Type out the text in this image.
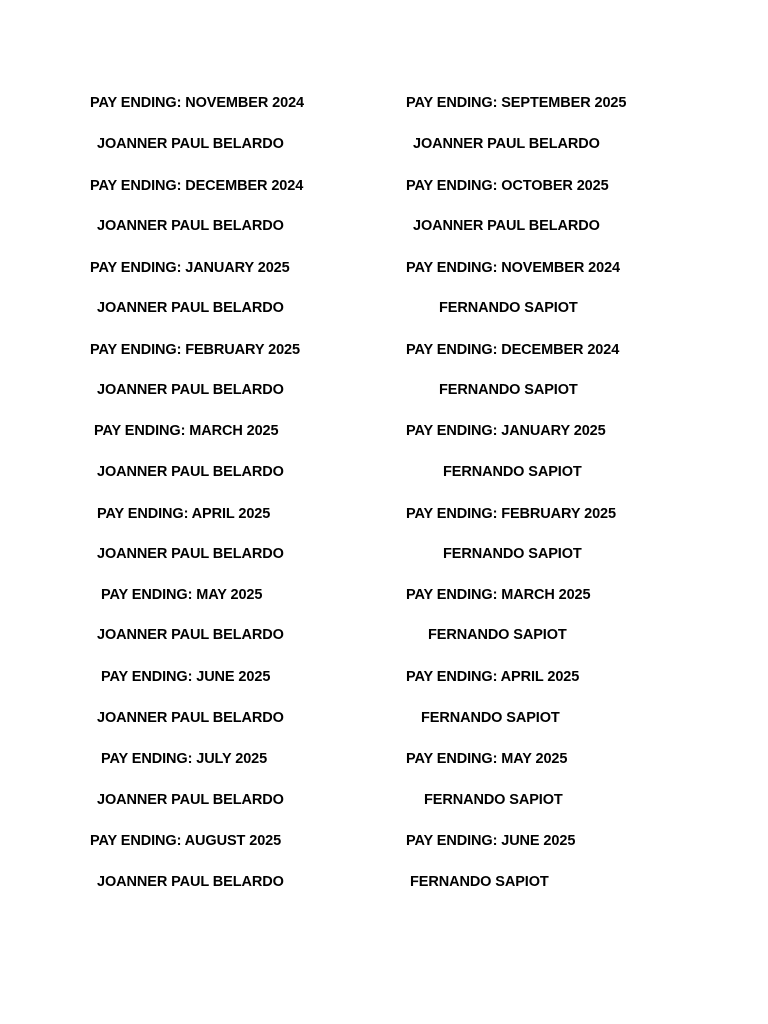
PAY ENDING: NOVEMBER 2024
JOANNER PAUL BELARDO
PAY ENDING: DECEMBER 2024
JOANNER PAUL BELARDO
PAY ENDING: JANUARY 2025
JOANNER PAUL BELARDO
PAY ENDING: FEBRUARY 2025
JOANNER PAUL BELARDO
PAY ENDING: MARCH 2025
JOANNER PAUL BELARDO
PAY ENDING: APRIL 2025
JOANNER PAUL BELARDO
PAY ENDING: MAY 2025
JOANNER PAUL BELARDO
PAY ENDING: JUNE 2025
JOANNER PAUL BELARDO
PAY ENDING: JULY 2025
JOANNER PAUL BELARDO
PAY ENDING: AUGUST 2025
JOANNER PAUL BELARDO
PAY ENDING: SEPTEMBER 2025
JOANNER PAUL BELARDO
PAY ENDING: OCTOBER 2025
JOANNER PAUL BELARDO
PAY ENDING: NOVEMBER 2024
FERNANDO SAPIOT
PAY ENDING: DECEMBER 2024
FERNANDO SAPIOT
PAY ENDING: JANUARY 2025
FERNANDO SAPIOT
PAY ENDING: FEBRUARY 2025
FERNANDO SAPIOT
PAY ENDING: MARCH 2025
FERNANDO SAPIOT
PAY ENDING: APRIL 2025
FERNANDO SAPIOT
PAY ENDING: MAY 2025
FERNANDO SAPIOT
PAY ENDING: JUNE 2025
FERNANDO SAPIOT
